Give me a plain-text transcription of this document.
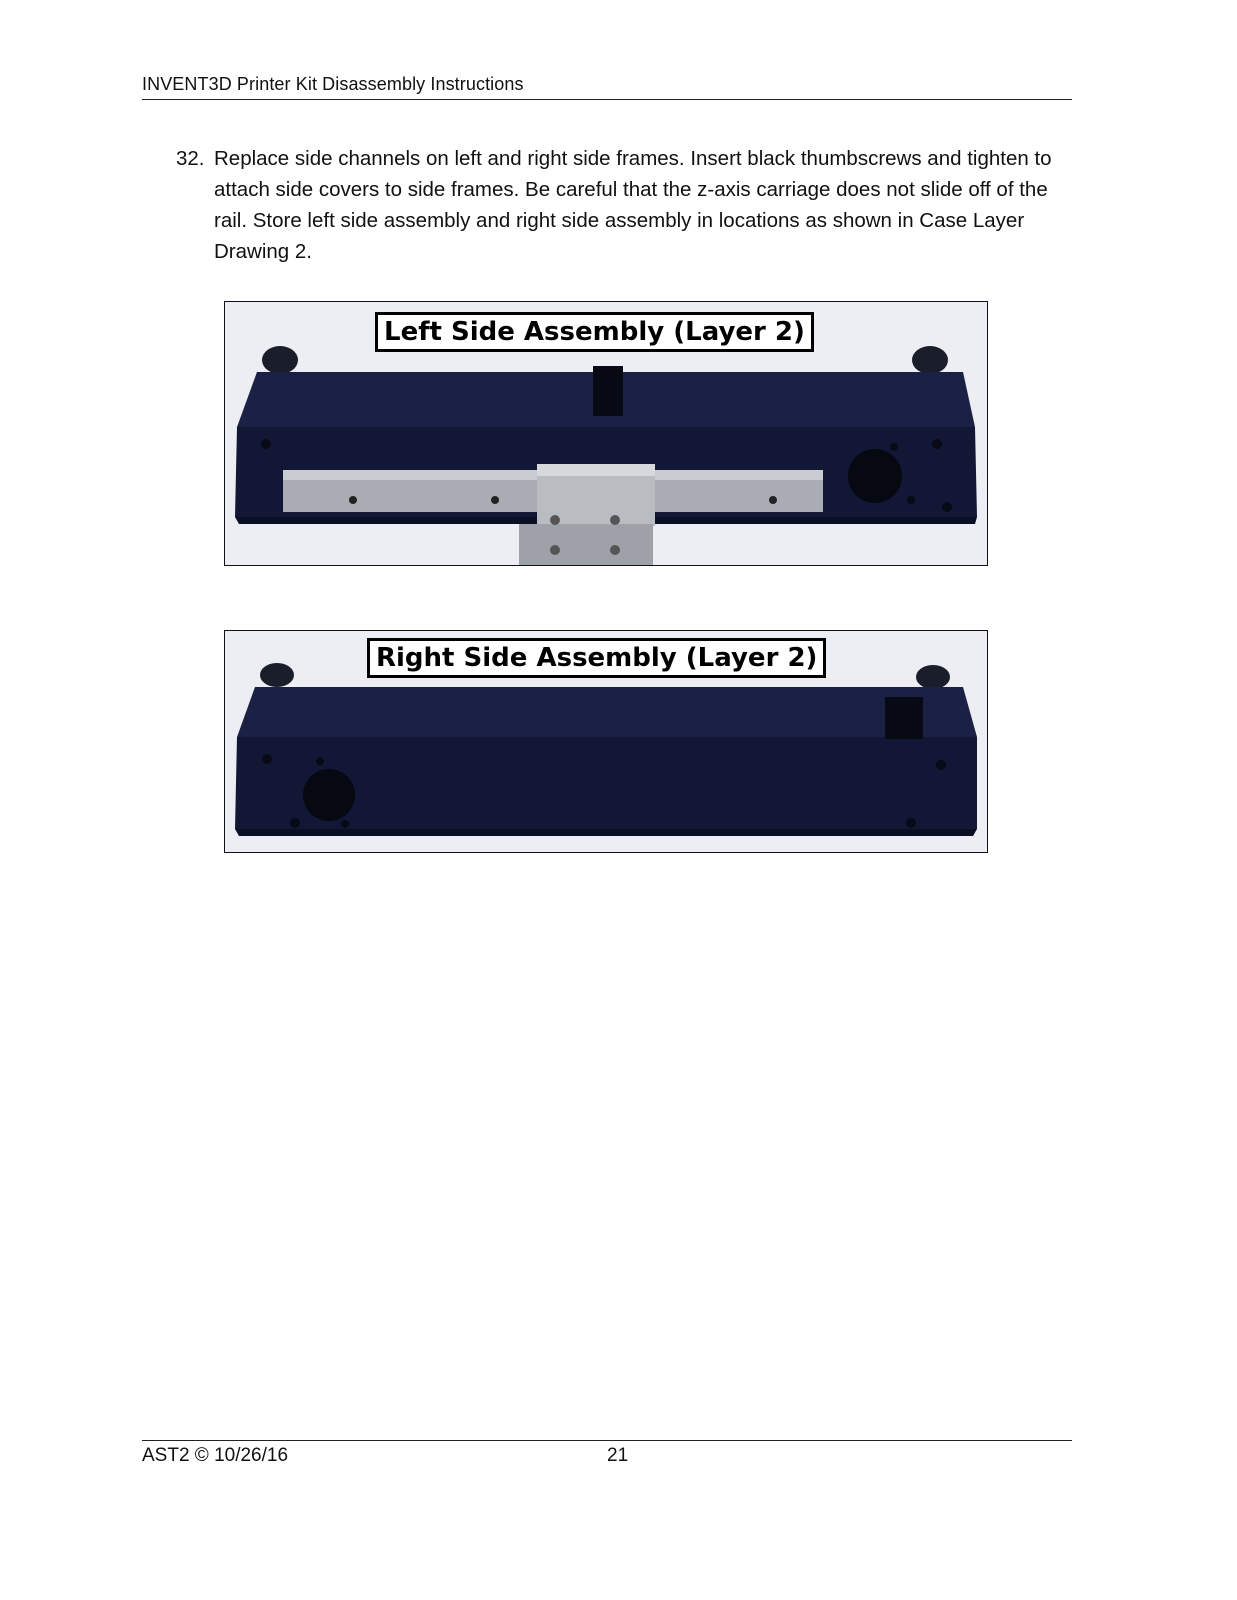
INVENT3D Printer Kit Disassembly Instructions
32. Replace side channels on left and right side frames. Insert black thumbscrews and tighten to attach side covers to side frames. Be careful that the z-axis carriage does not slide off of the rail. Store left side assembly and right side assembly in locations as shown in Case Layer Drawing 2.
Left Side Assembly (Layer 2)
Right Side Assembly (Layer 2)
AST2 © 10/26/16	21
